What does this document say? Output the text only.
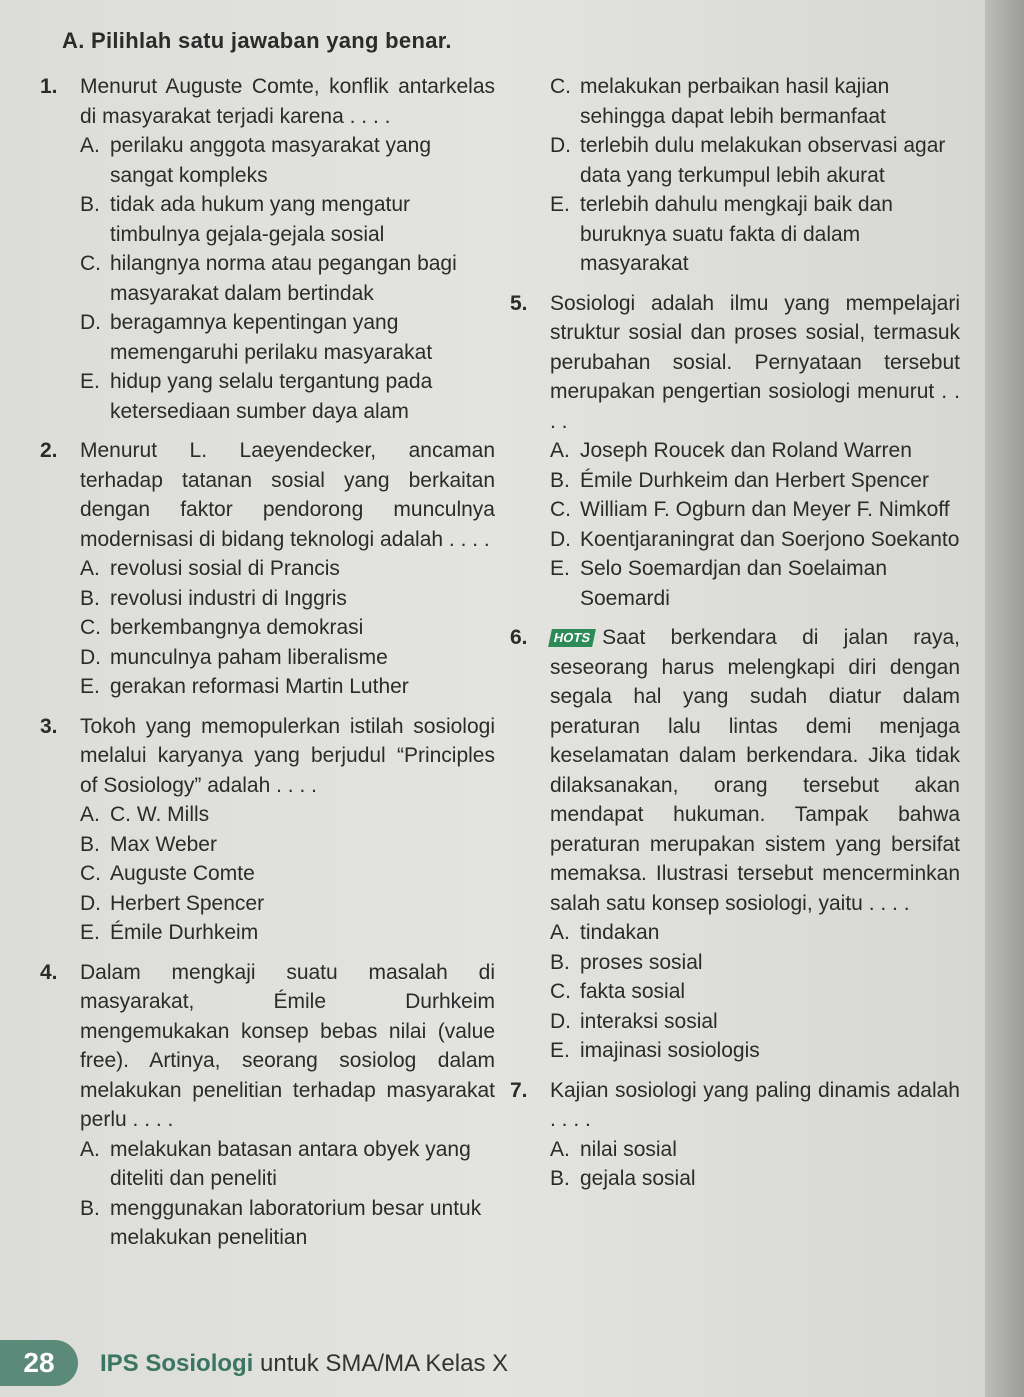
A. Pilihlah satu jawaban yang benar.
1. Menurut Auguste Comte, konflik antarkelas di masyarakat terjadi karena . . . .
A. perilaku anggota masyarakat yang sangat kompleks
B. tidak ada hukum yang mengatur timbulnya gejala-gejala sosial
C. hilangnya norma atau pegangan bagi masyarakat dalam bertindak
D. beragamnya kepentingan yang memengaruhi perilaku masyarakat
E. hidup yang selalu tergantung pada ketersediaan sumber daya alam
2. Menurut L. Laeyendecker, ancaman terhadap tatanan sosial yang berkaitan dengan faktor pendorong munculnya modernisasi di bidang teknologi adalah . . . .
A. revolusi sosial di Prancis
B. revolusi industri di Inggris
C. berkembangnya demokrasi
D. munculnya paham liberalisme
E. gerakan reformasi Martin Luther
3. Tokoh yang memopulerkan istilah sosiologi melalui karyanya yang berjudul “Principles of Sosiology” adalah . . . .
A. C. W. Mills
B. Max Weber
C. Auguste Comte
D. Herbert Spencer
E. Émile Durhkeim
4. Dalam mengkaji suatu masalah di masyarakat, Émile Durhkeim mengemukakan konsep bebas nilai (value free). Artinya, seorang sosiolog dalam melakukan penelitian terhadap masyarakat perlu . . . .
A. melakukan batasan antara obyek yang diteliti dan peneliti
B. menggunakan laboratorium besar untuk melakukan penelitian
C. melakukan perbaikan hasil kajian sehingga dapat lebih bermanfaat
D. terlebih dulu melakukan observasi agar data yang terkumpul lebih akurat
E. terlebih dahulu mengkaji baik dan buruknya suatu fakta di dalam masyarakat
5. Sosiologi adalah ilmu yang mempelajari struktur sosial dan proses sosial, termasuk perubahan sosial. Pernyataan tersebut merupakan pengertian sosiologi menurut . . . .
A. Joseph Roucek dan Roland Warren
B. Émile Durhkeim dan Herbert Spencer
C. William F. Ogburn dan Meyer F. Nimkoff
D. Koentjaraningrat dan Soerjono Soekanto
E. Selo Soemardjan dan Soelaiman Soemardi
6. HOTS Saat berkendara di jalan raya, seseorang harus melengkapi diri dengan segala hal yang sudah diatur dalam peraturan lalu lintas demi menjaga keselamatan dalam berkendara. Jika tidak dilaksanakan, orang tersebut akan mendapat hukuman. Tampak bahwa peraturan merupakan sistem yang bersifat memaksa. Ilustrasi tersebut mencerminkan salah satu konsep sosiologi, yaitu . . . .
A. tindakan
B. proses sosial
C. fakta sosial
D. interaksi sosial
E. imajinasi sosiologis
7. Kajian sosiologi yang paling dinamis adalah . . . .
A. nilai sosial
B. gejala sosial
28	IPS Sosiologi untuk SMA/MA Kelas X
